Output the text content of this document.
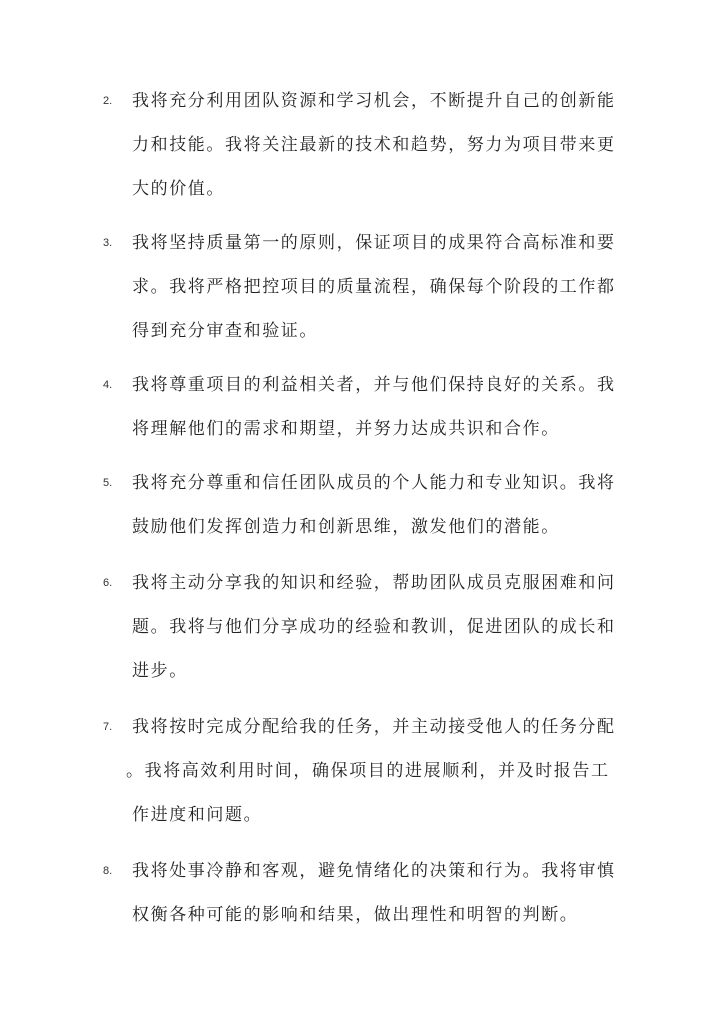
2.	我将充分利用团队资源和学习机会，不断提升自己的创新能
力和技能。我将关注最新的技术和趋势，努力为项目带来更
大的价值。
3.	我将坚持质量第一的原则，保证项目的成果符合高标准和要
求。我将严格把控项目的质量流程，确保每个阶段的工作都
得到充分审查和验证。
4.	我将尊重项目的利益相关者，并与他们保持良好的关系。我
将理解他们的需求和期望，并努力达成共识和合作。
5.	我将充分尊重和信任团队成员的个人能力和专业知识。我将
鼓励他们发挥创造力和创新思维，激发他们的潜能。
6.	我将主动分享我的知识和经验，帮助团队成员克服困难和问
题。我将与他们分享成功的经验和教训，促进团队的成长和
进步。
7.	我将按时完成分配给我的任务，并主动接受他人的任务分配
。我将高效利用时间，确保项目的进展顺利，并及时报告工
作进度和问题。
8.	我将处事冷静和客观，避免情绪化的决策和行为。我将审慎
权衡各种可能的影响和结果，做出理性和明智的判断。
